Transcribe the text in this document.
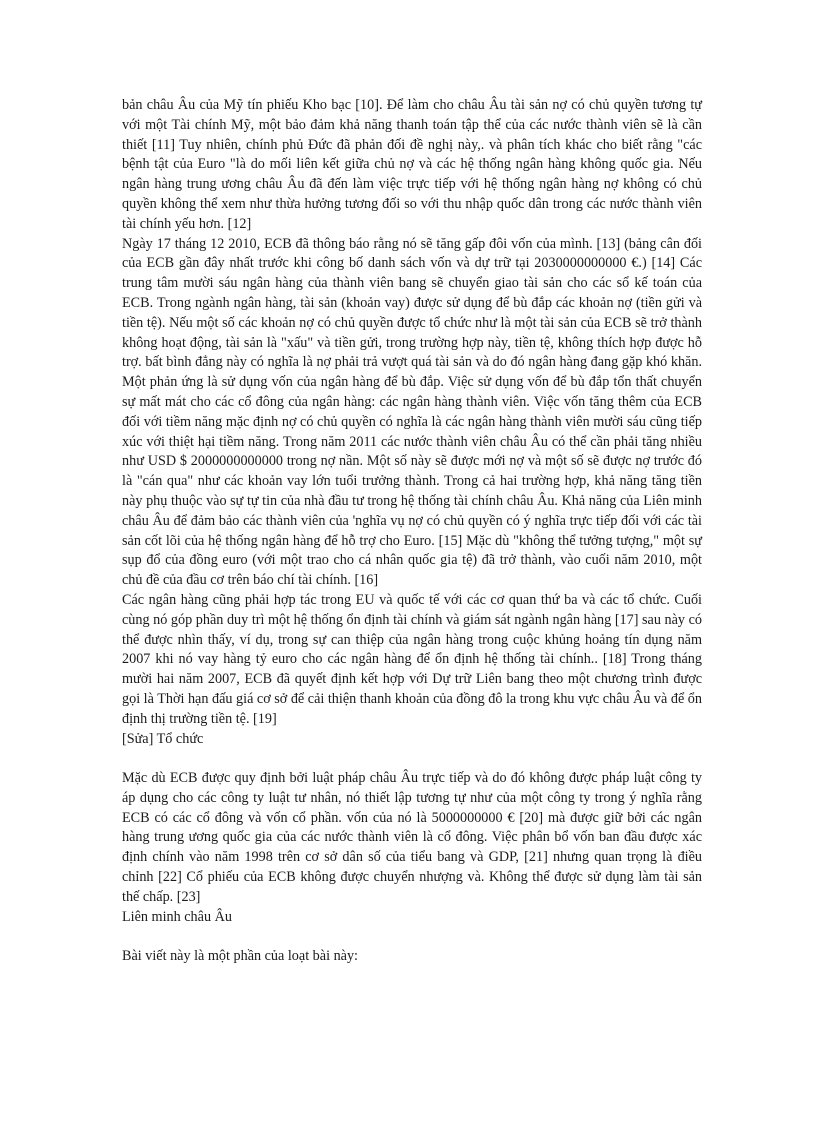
bản châu Âu của Mỹ tín phiếu Kho bạc [10]. Để làm cho châu Âu tài sản nợ có chủ quyền tương tự với một Tài chính Mỹ, một bảo đảm khả năng thanh toán tập thể của các nước thành viên sẽ là cần thiết [11] Tuy nhiên, chính phủ Đức đã phản đối đề nghị này,. và phân tích khác cho biết rằng "các bệnh tật của Euro "là do mối liên kết giữa chủ nợ và các hệ thống ngân hàng không quốc gia. Nếu ngân hàng trung ương châu Âu đã đến làm việc trực tiếp với hệ thống ngân hàng nợ không có chủ quyền không thể xem như thừa hưởng tương đối so với thu nhập quốc dân trong các nước thành viên tài chính yếu hơn. [12]

Ngày 17 tháng 12 2010, ECB đã thông báo rằng nó sẽ tăng gấp đôi vốn của mình. [13] (bảng cân đối của ECB gần đây nhất trước khi công bố danh sách vốn và dự trữ tại 2030000000000 €.) [14] Các trung tâm mười sáu ngân hàng của thành viên bang sẽ chuyển giao tài sản cho các sổ kế toán của ECB. Trong ngành ngân hàng, tài sản (khoản vay) được sử dụng để bù đắp các khoản nợ (tiền gửi và tiền tệ). Nếu một số các khoản nợ có chủ quyền được tổ chức như là một tài sản của ECB sẽ trở thành không hoạt động, tài sản là "xấu" và tiền gửi, trong trường hợp này, tiền tệ, không thích hợp được hỗ trợ. bất bình đẳng này có nghĩa là nợ phải trả vượt quá tài sản và do đó ngân hàng đang gặp khó khăn. Một phản ứng là sử dụng vốn của ngân hàng để bù đắp. Việc sử dụng vốn để bù đắp tổn thất chuyển sự mất mát cho các cổ đông của ngân hàng: các ngân hàng thành viên. Việc vốn tăng thêm của ECB đối với tiềm năng mặc định nợ có chủ quyền có nghĩa là các ngân hàng thành viên mười sáu cũng tiếp xúc với thiệt hại tiềm năng. Trong năm 2011 các nước thành viên châu Âu có thể cần phải tăng nhiều như USD $ 2000000000000 trong nợ nần. Một số này sẽ được mới nợ và một số sẽ được nợ trước đó là "cán qua" như các khoản vay lớn tuổi trưởng thành. Trong cả hai trường hợp, khả năng tăng tiền này phụ thuộc vào sự tự tin của nhà đầu tư trong hệ thống tài chính châu Âu. Khả năng của Liên minh châu Âu để đảm bảo các thành viên của 'nghĩa vụ nợ có chủ quyền có ý nghĩa trực tiếp đối với các tài sản cốt lõi của hệ thống ngân hàng để hỗ trợ cho Euro. [15] Mặc dù "không thể tưởng tượng," một sự sụp đổ của đồng euro (với một trao cho cá nhân quốc gia tệ) đã trở thành, vào cuối năm 2010, một chủ đề của đầu cơ trên báo chí tài chính. [16]

Các ngân hàng cũng phải hợp tác trong EU và quốc tế với các cơ quan thứ ba và các tổ chức. Cuối cùng nó góp phần duy trì một hệ thống ổn định tài chính và giám sát ngành ngân hàng [17] sau này có thể được nhìn thấy, ví dụ, trong sự can thiệp của ngân hàng trong cuộc khủng hoảng tín dụng năm 2007 khi nó vay hàng tỷ euro cho các ngân hàng để ổn định hệ thống tài chính.. [18] Trong tháng mười hai năm 2007, ECB đã quyết định kết hợp với Dự trữ Liên bang theo một chương trình được gọi là Thời hạn đấu giá cơ sở để cải thiện thanh khoản của đồng đô la trong khu vực châu Âu và để ổn định thị trường tiền tệ. [19]

[Sửa] Tổ chức

Mặc dù ECB được quy định bởi luật pháp châu Âu trực tiếp và do đó không được pháp luật công ty áp dụng cho các công ty luật tư nhân, nó thiết lập tương tự như của một công ty trong ý nghĩa rằng ECB có các cổ đông và vốn cổ phần. vốn của nó là 5000000000 € [20] mà được giữ bởi các ngân hàng trung ương quốc gia của các nước thành viên là cổ đông. Việc phân bổ vốn ban đầu được xác định chính vào năm 1998 trên cơ sở dân số của tiểu bang và GDP, [21] nhưng quan trọng là điều chỉnh [22] Cổ phiếu của ECB không được chuyển nhượng và. Không thể được sử dụng làm tài sản thế chấp. [23]

Liên minh châu Âu

Bài viết này là một phần của loạt bài này:
